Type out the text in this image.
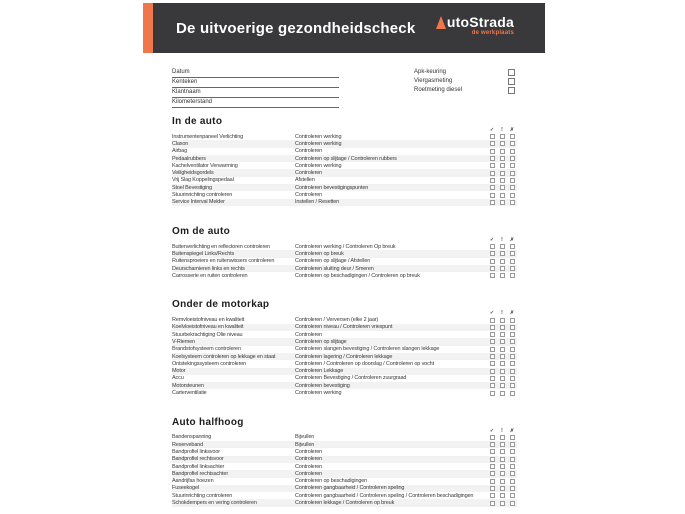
De uitvoerige gezondheidscheck utoStrada
de werkplaats
Datum
Kenteken
Klantnaam
Kilometerstand
Apk-keuring
Viergasmeting
Roetmeting diesel
In de auto
✓	!	✗
Instrumentenpaneel Verlichting	Controleren werking
Claxon	Controleren werking
Airbag	Controleren
Pedaalrubbers	Controleren op slijtage / Controleren rubbers
Kachelventilator Verwarming	Controleren werking
Veiligheidsgordels	Controleren
Vrij Slag Koppelingspedaal	Afstellen
Stoel Bevestiging	Controleren bevestigingspunten
Stuurinrichting controleren	Controleren
Service Interval Melder	Instellen / Resetten
Om de auto
✓	!	✗
Buitenverlichting en reflectoren controleren	Controleren werking / Controleren Op breuk
Buitenspiegel Links/Rechts	Controleren op breuk
Ruitensproeiers en ruitenwissers controleren	Controleren op slijtage / Afstellen
Deurscharnieren links en rechts	Controleren sluiting deur / Smeren
Carrosserie en ruiten controleren	Controleren op beschadigingen / Controleren op breuk
Onder de motorkap
✓	!	✗
Remvloeistofniveau en kwaliteit	Controleren / Verversen (elke 2 jaar)
Koelvloeistofniveau en kwaliteit	Controleren niveau / Controleren vriespunt
Stuurbekrachtiging Olie niveau	Controleren
V-Riemen	Controleren op slijtage
Brandstofsysteem controleren	Controleren slangen bevestiging / Controleren slangen lekkage
Koelsysteem controleren op lekkage en staat	Controleren lagering / Controleren lekkage
Ontstekingssysteem controleren	Controleren / Controleren op doorslag / Controleren op vocht
Motor	Controleren Lekkage
Accu	Controleren Bevestiging / Controleren zuurgraad
Motorsteunen	Controleren bevestiging
Carterventilatie	Controleren werking
Auto halfhoog
✓	!	✗
Bandenspanning	Bijvullen
Reserveband	Bijvullen
Bandprofiel linksvoor	Controleren
Bandprofiel rechtsvoor	Controleren
Bandprofiel linksachter	Controleren
Bandprofiel rechtsachter	Controleren
Aandrijfas hoezen	Controleren op beschadigingen
Fuseekogel	Controleren gangbaarheid / Controleren speling
Stuurinrichting controleren	Controleren gangbaarheid / Controleren speling / Controleren beschadigingen
Schokdempers en vering controleren	Controleren lekkage / Controleren op breuk
